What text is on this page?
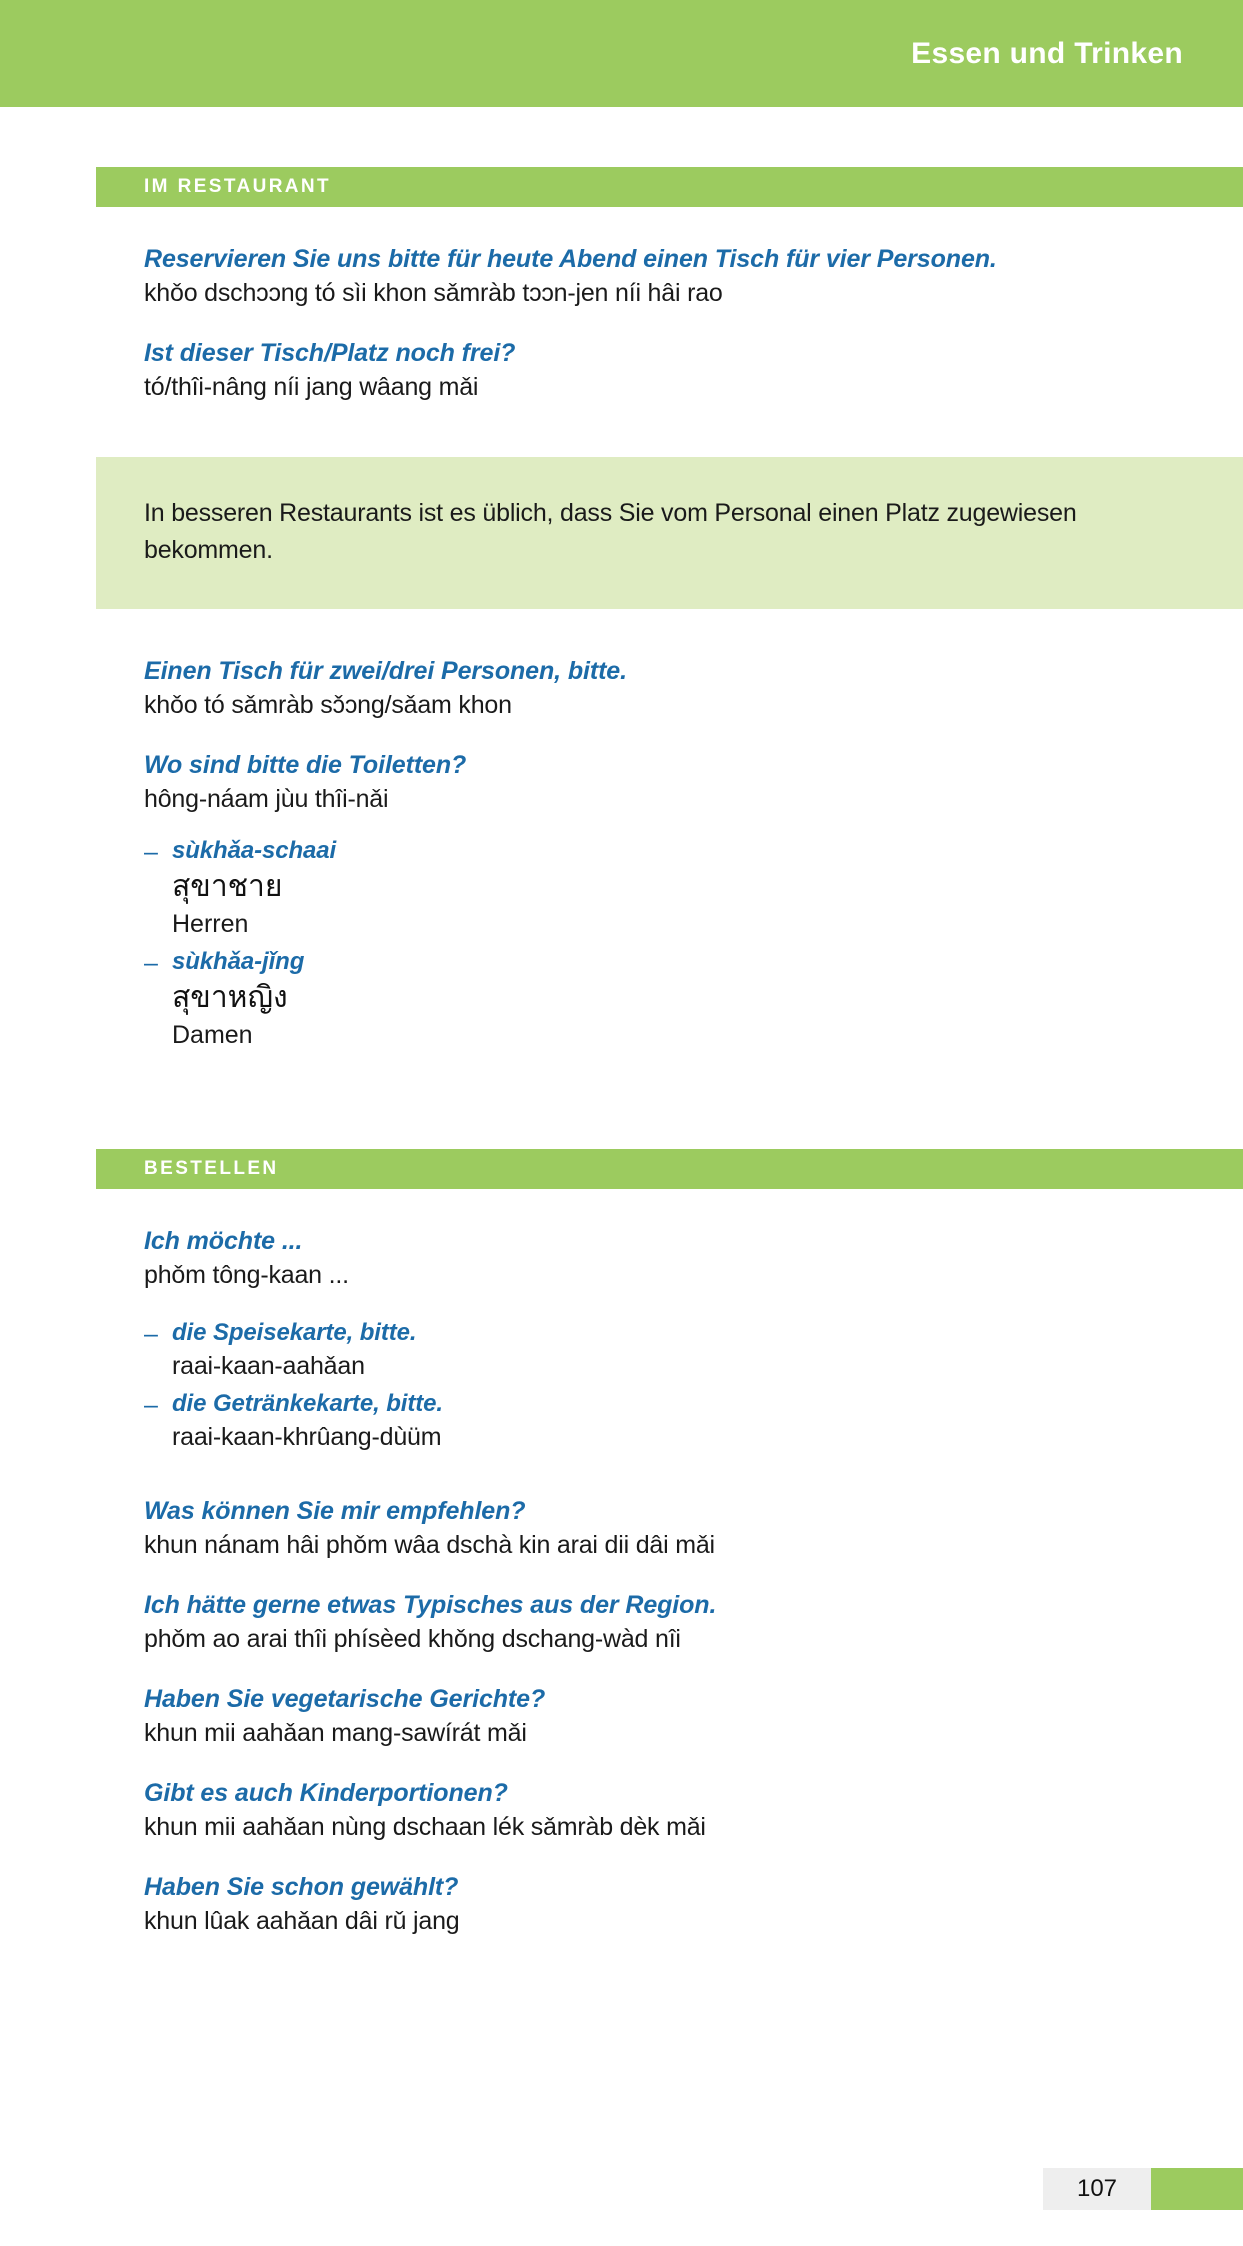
Essen und Trinken
IM RESTAURANT
Reservieren Sie uns bitte für heute Abend einen Tisch für vier Personen.
khǒo dschɔɔng tó sìi khon sǎmràb tɔɔn-jen níi hâi rao
Ist dieser Tisch/Platz noch frei?
tó/thîi-nâng níi jang wâang mǎi
In besseren Restaurants ist es üblich, dass Sie vom Personal einen Platz zugewiesen bekommen.
Einen Tisch für zwei/drei Personen, bitte.
khǒo tó sǎmràb sɔ̌ɔng/sǎam khon
Wo sind bitte die Toiletten?
hông-náam jùu thîi-nǎi
– sùkhǎa-schaai
สุขาชาย
Herren
– sùkhǎa-jǐng
สุขาหญิง
Damen
BESTELLEN
Ich möchte ...
phǒm tông-kaan ...
– die Speisekarte, bitte.
raai-kaan-aahǎan
– die Getränkekarte, bitte.
raai-kaan-khrûang-dùüm
Was können Sie mir empfehlen?
khun nánam hâi phǒm wâa dschà kin arai dii dâi mǎi
Ich hätte gerne etwas Typisches aus der Region.
phǒm ao arai thîi phísèed khǒng dschang-wàd nîi
Haben Sie vegetarische Gerichte?
khun mii aahǎan mang-sawírát mǎi
Gibt es auch Kinderportionen?
khun mii aahǎan nùng dschaan lék sǎmràb dèk mǎi
Haben Sie schon gewählt?
khun lûak aahǎan dâi rǔ jang
107
